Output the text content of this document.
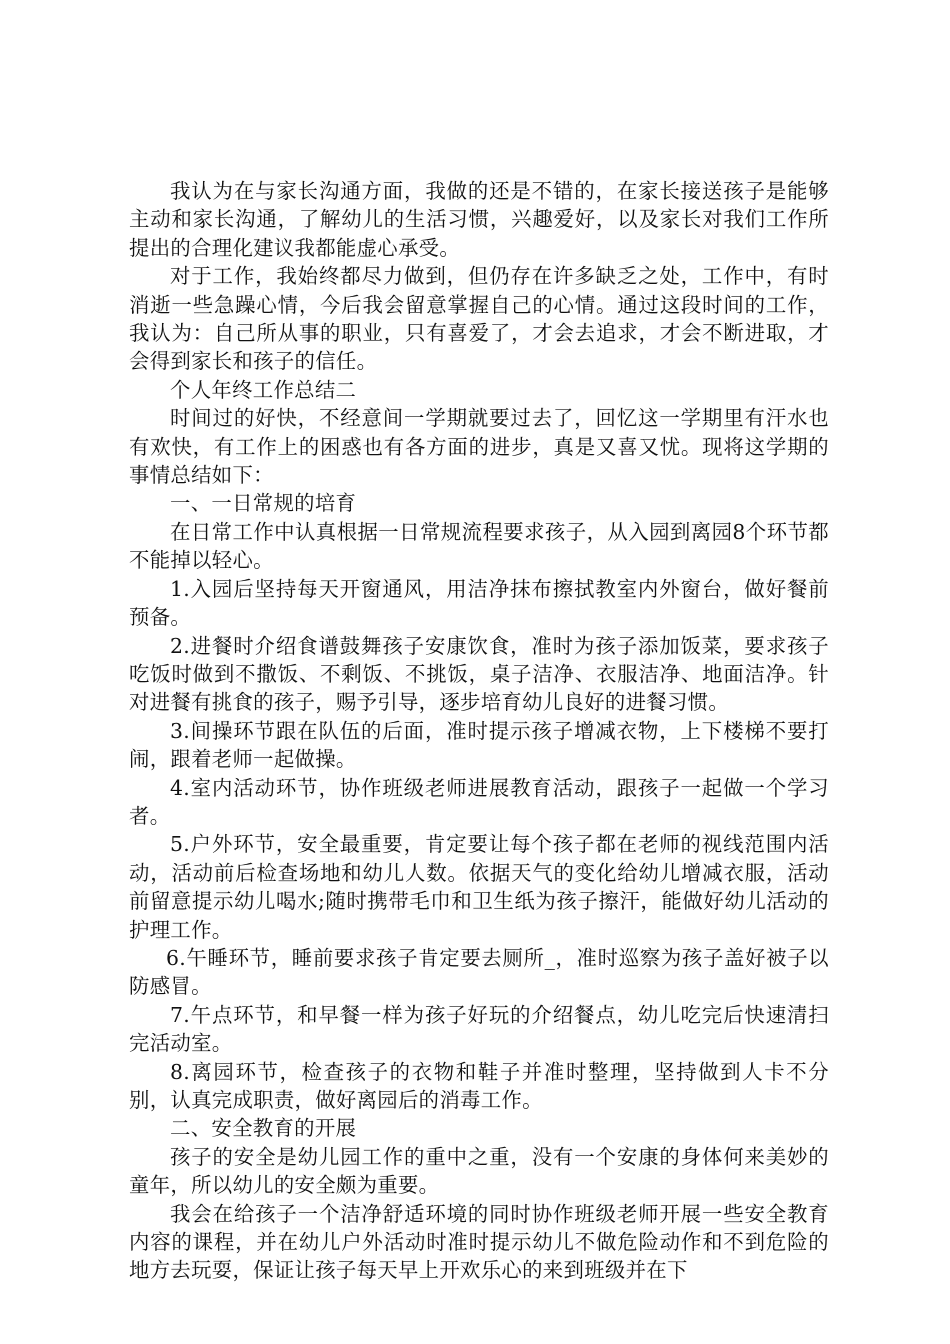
我认为在与家长沟通方面，我做的还是不错的，在家长接送孩子是能够主动和家长沟通，了解幼儿的生活习惯，兴趣爱好，以及家长对我们工作所提出的合理化建议我都能虚心承受。

对于工作，我始终都尽力做到，但仍存在许多缺乏之处，工作中，有时消逝一些急躁心情，今后我会留意掌握自己的心情。通过这段时间的工作，我认为：自己所从事的职业，只有喜爱了，才会去追求，才会不断进取，才会得到家长和孩子的信任。

个人年终工作总结二

时间过的好快，不经意间一学期就要过去了，回忆这一学期里有汗水也有欢快，有工作上的困惑也有各方面的进步，真是又喜又忧。现将这学期的事情总结如下：

一、一日常规的培育

在日常工作中认真根据一日常规流程要求孩子，从入园到离园8个环节都不能掉以轻心。

1.入园后坚持每天开窗通风，用洁净抹布擦拭教室内外窗台，做好餐前预备。

2.进餐时介绍食谱鼓舞孩子安康饮食，准时为孩子添加饭菜，要求孩子吃饭时做到不撒饭、不剩饭、不挑饭，桌子洁净、衣服洁净、地面洁净。针对进餐有挑食的孩子，赐予引导，逐步培育幼儿良好的进餐习惯。

3.间操环节跟在队伍的后面，准时提示孩子增减衣物，上下楼梯不要打闹，跟着老师一起做操。

4.室内活动环节，协作班级老师进展教育活动，跟孩子一起做一个学习者。

5.户外环节，安全最重要，肯定要让每个孩子都在老师的视线范围内活动，活动前后检查场地和幼儿人数。依据天气的变化给幼儿增减衣服，活动前留意提示幼儿喝水;随时携带毛巾和卫生纸为孩子擦汗，能做好幼儿活动的护理工作。

6.午睡环节，睡前要求孩子肯定要去厕所_，准时巡察为孩子盖好被子以防感冒。

7.午点环节，和早餐一样为孩子好玩的介绍餐点，幼儿吃完后快速清扫完活动室。

8.离园环节，检查孩子的衣物和鞋子并准时整理，坚持做到人卡不分别，认真完成职责，做好离园后的消毒工作。

二、安全教育的开展

孩子的安全是幼儿园工作的重中之重，没有一个安康的身体何来美妙的童年，所以幼儿的安全颇为重要。

我会在给孩子一个洁净舒适环境的同时协作班级老师开展一些安全教育内容的课程，并在幼儿户外活动时准时提示幼儿不做危险动作和不到危险的地方去玩耍，保证让孩子每天早上开欢乐心的来到班级并在下
